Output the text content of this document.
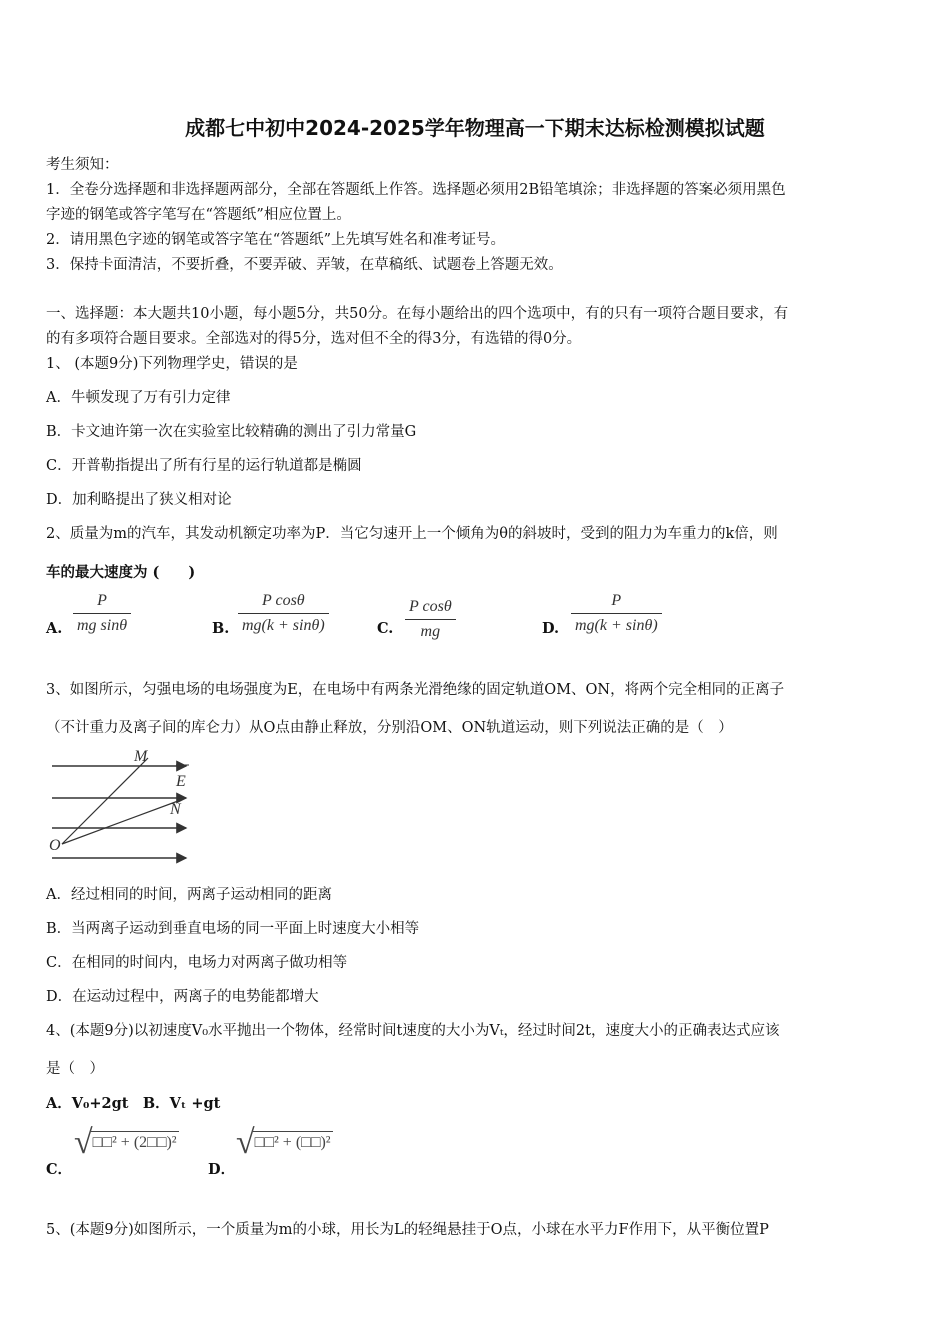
成都七中初中2024-2025学年物理高一下期末达标检测模拟试题
考生须知：
1．全卷分选择题和非选择题两部分，全部在答题纸上作答。选择题必须用2B铅笔填涂；非选择题的答案必须用黑色
字迹的钢笔或答字笔写在“答题纸”相应位置上。
2．请用黑色字迹的钢笔或答字笔在“答题纸”上先填写姓名和准考证号。
3．保持卡面清洁，不要折叠，不要弄破、弄皱，在草稿纸、试题卷上答题无效。
一、选择题：本大题共10小题，每小题5分，共50分。在每小题给出的四个选项中，有的只有一项符合题目要求，有
的有多项符合题目要求。全部选对的得5分，选对但不全的得3分，有选错的得0分。
1、 (本题9分)下列物理学史，错误的是
A．牛顿发现了万有引力定律
B．卡文迪许第一次在实验室比较精确的测出了引力常量G
C．开普勒指提出了所有行星的运行轨道都是椭圆
D．加利略提出了狭义相对论
2、质量为m的汽车，其发动机额定功率为P．当它匀速开上一个倾角为θ的斜坡时，受到的阻力为车重力的k倍，则
车的最大速度为 (　　)
A. $\frac{P}{\text{mg sinθ}}$	B. $\frac{\text{P cosθ}}{mg(k + \sin\theta)}$	C. $\frac{\text{P cosθ}}{mg}$	D. $\frac{P}{mg(k + \sin\theta)}$
3、如图所示，匀强电场的电场强度为E，在电场中有两条光滑绝缘的固定轨道OM、ON，将两个完全相同的正离子
（不计重力及离子间的库仑力）从O点由静止释放，分别沿OM、ON轨道运动，则下列说法正确的是（　）
M
E
N
O
A．经过相同的时间，两离子运动相同的距离
B．当两离子运动到垂直电场的同一平面上时速度大小相等
C．在相同的时间内，电场力对两离子做功相等
D．在运动过程中，两离子的电势能都增大
4、(本题9分)以初速度V₀水平抛出一个物体，经常时间t速度的大小为Vₜ，经过时间2t，速度大小的正确表达式应该
是（　）
A．V₀+2gt　B．Vₜ +gt
C．
√□□² + (2□□)²
D．
√□□² + (□□)²
5、(本题9分)如图所示，一个质量为m的小球，用长为L的轻绳悬挂于O点，小球在水平力F作用下，从平衡位置P
